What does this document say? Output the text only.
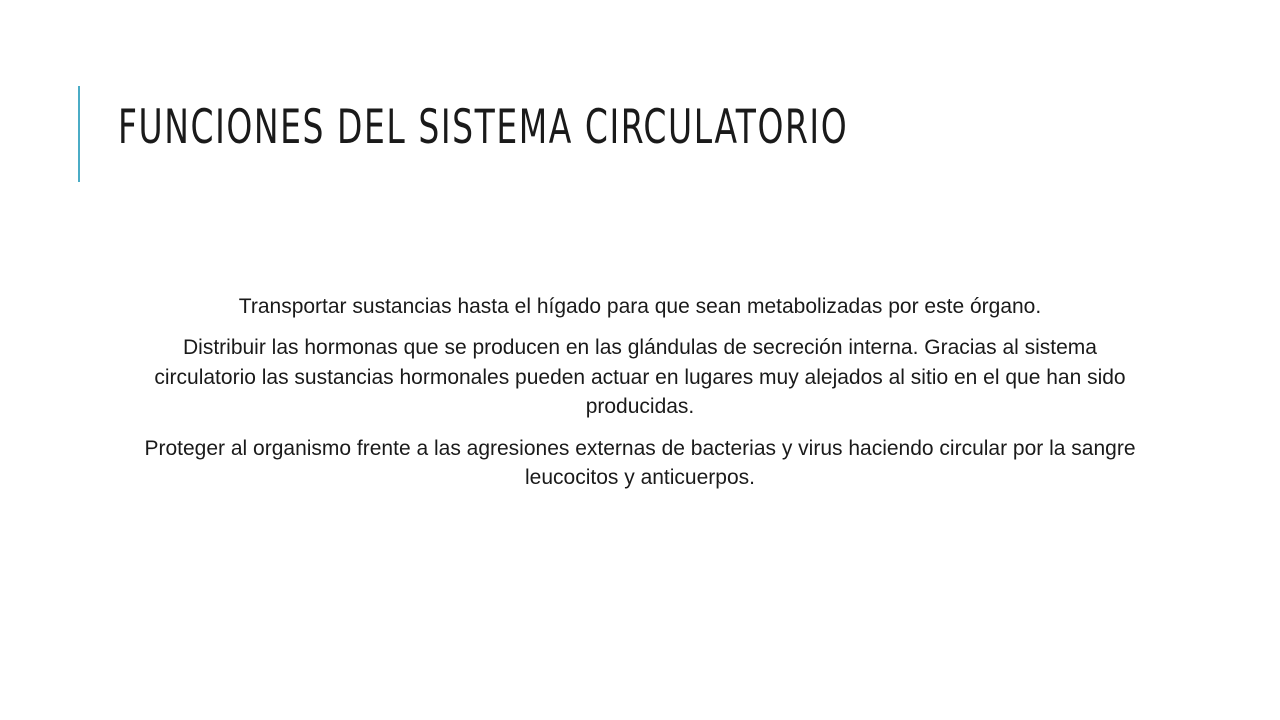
FUNCIONES DEL SISTEMA CIRCULATORIO

Transportar sustancias hasta el hígado para que sean metabolizadas por este órgano.

Distribuir las hormonas que se producen en las glándulas de secreción interna. Gracias al sistema circulatorio las sustancias hormonales pueden actuar en lugares muy alejados al sitio en el que han sido producidas.

Proteger al organismo frente a las agresiones externas de bacterias y virus haciendo circular por la sangre leucocitos y anticuerpos.
